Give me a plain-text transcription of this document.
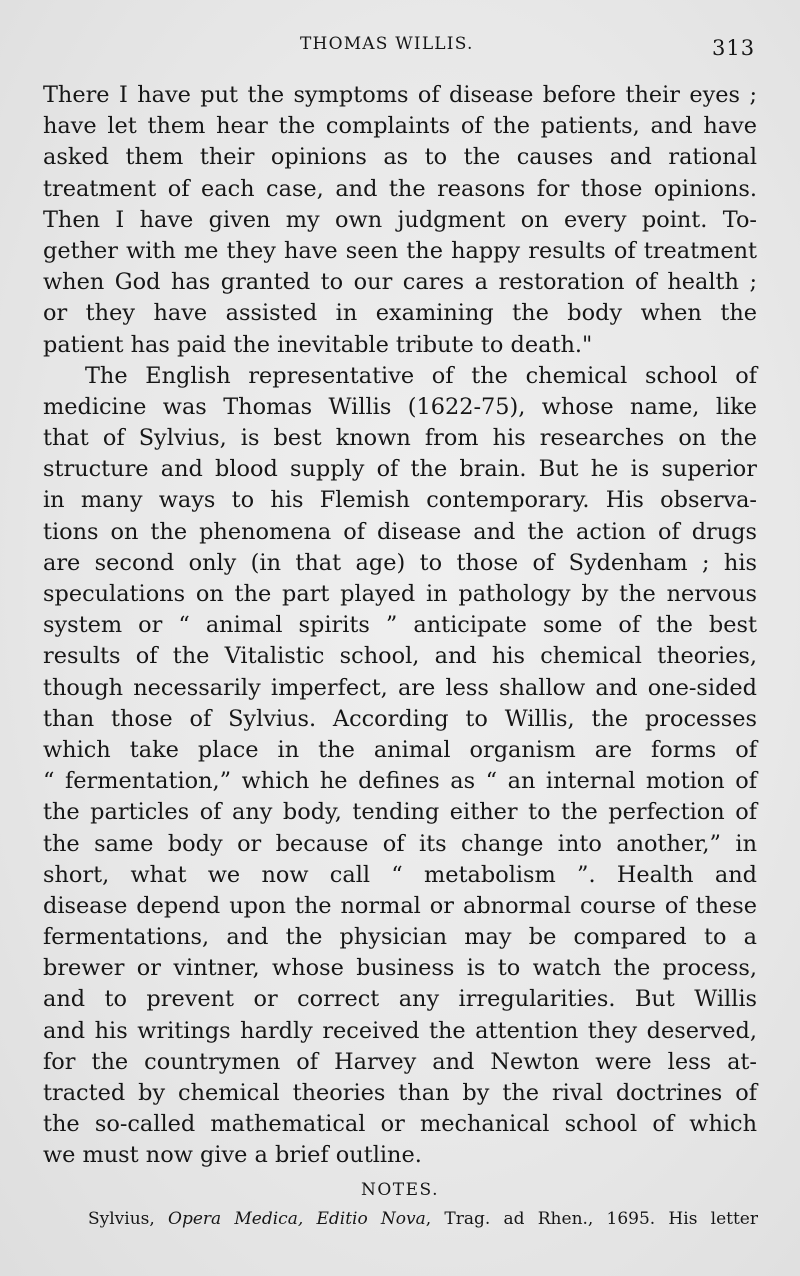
THOMAS WILLIS.	313
There I have put the symptoms of disease before their eyes ;
have let them hear the complaints of the patients, and have
asked them their opinions as to the causes and rational
treatment of each case, and the reasons for those opinions.
Then I have given my own judgment on every point. To-
gether with me they have seen the happy results of treatment
when God has granted to our cares a restoration of health ;
or they have assisted in examining the body when the
patient has paid the inevitable tribute to death."
The English representative of the chemical school of
medicine was Thomas Willis (1622-75), whose name, like
that of Sylvius, is best known from his researches on the
structure and blood supply of the brain. But he is superior
in many ways to his Flemish contemporary. His observa-
tions on the phenomena of disease and the action of drugs
are second only (in that age) to those of Sydenham ; his
speculations on the part played in pathology by the nervous
system or “ animal spirits ” anticipate some of the best
results of the Vitalistic school, and his chemical theories,
though necessarily imperfect, are less shallow and one-sided
than those of Sylvius. According to Willis, the processes
which take place in the animal organism are forms of
“ fermentation,” which he defines as “ an internal motion of
the particles of any body, tending either to the perfection of
the same body or because of its change into another,” in
short, what we now call “ metabolism ”. Health and
disease depend upon the normal or abnormal course of these
fermentations, and the physician may be compared to a
brewer or vintner, whose business is to watch the process,
and to prevent or correct any irregularities. But Willis
and his writings hardly received the attention they deserved,
for the countrymen of Harvey and Newton were less at-
tracted by chemical theories than by the rival doctrines of
the so-called mathematical or mechanical school of which
we must now give a brief outline.
NOTES.
Sylvius, Opera Medica, Editio Nova, Trag. ad Rhen., 1695. His letter
